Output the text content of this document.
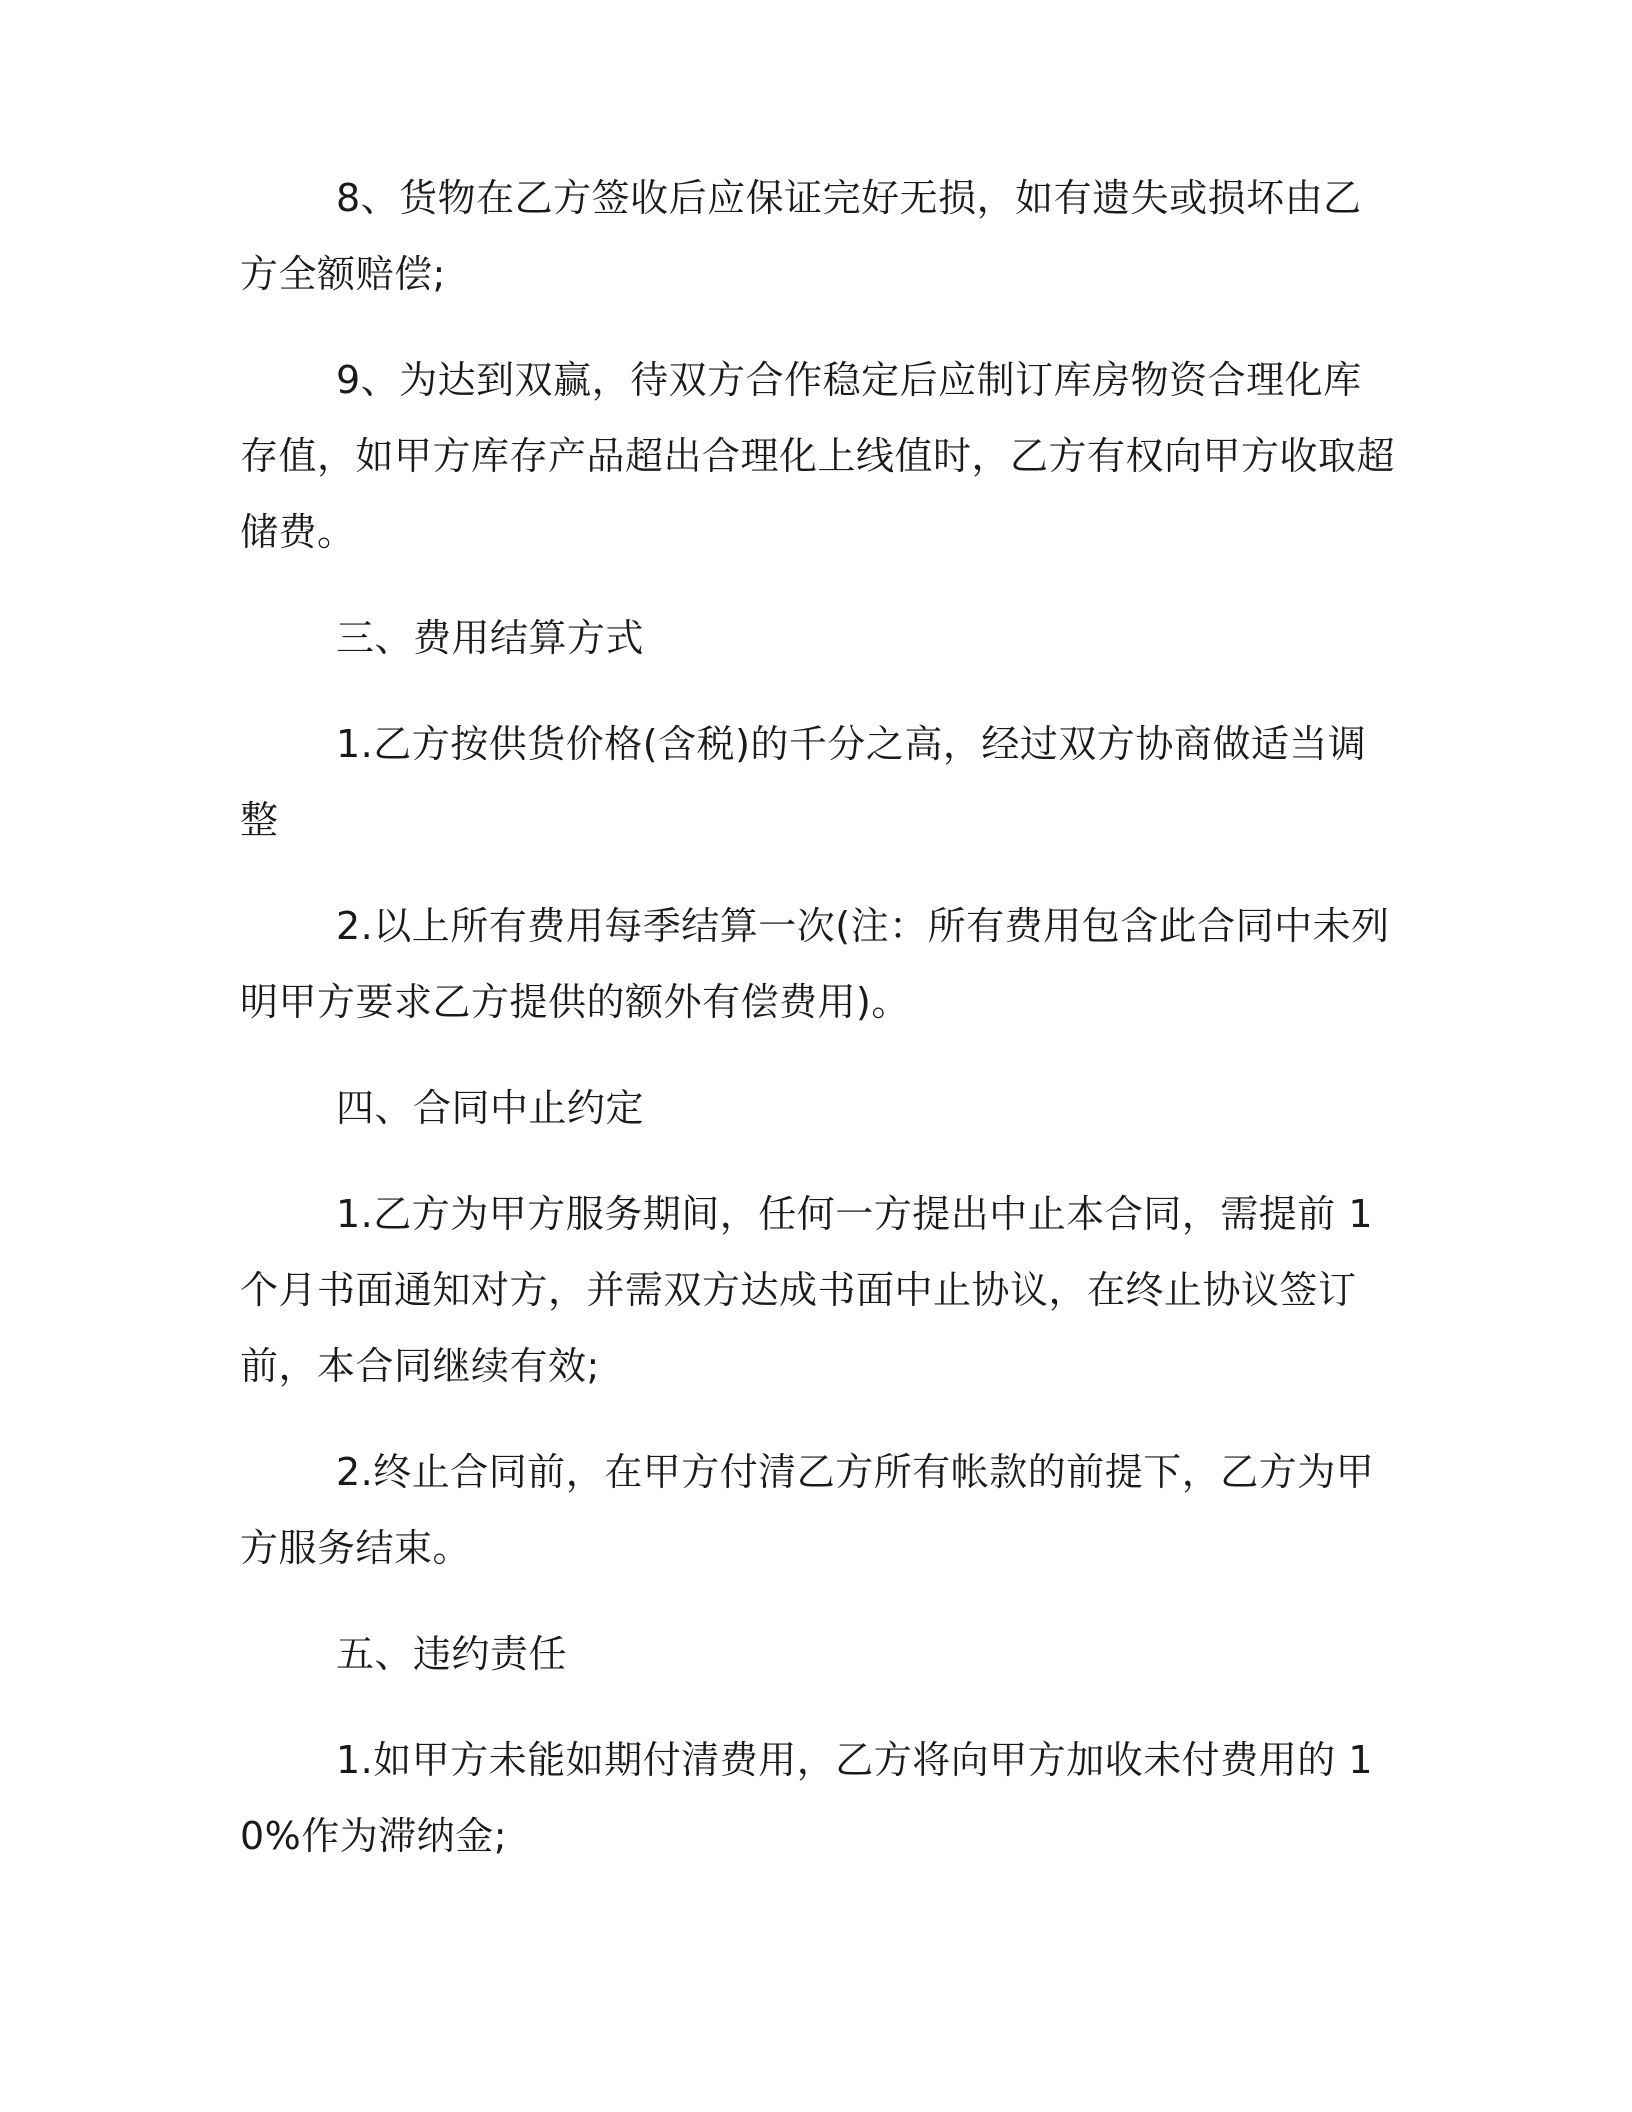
8、货物在乙方签收后应保证完好无损，如有遗失或损坏由乙方全额赔偿;

9、为达到双赢，待双方合作稳定后应制订库房物资合理化库存值，如甲方库存产品超出合理化上线值时，乙方有权向甲方收取超储费。

三、费用结算方式

1.乙方按供货价格(含税)的千分之高，经过双方协商做适当调整

2.以上所有费用每季结算一次(注：所有费用包含此合同中未列明甲方要求乙方提供的额外有偿费用)。

四、合同中止约定

1.乙方为甲方服务期间，任何一方提出中止本合同，需提前 1 个月书面通知对方，并需双方达成书面中止协议，在终止协议签订前，本合同继续有效;

2.终止合同前，在甲方付清乙方所有帐款的前提下，乙方为甲方服务结束。

五、违约责任

1.如甲方未能如期付清费用，乙方将向甲方加收未付费用的 10%作为滞纳金;
